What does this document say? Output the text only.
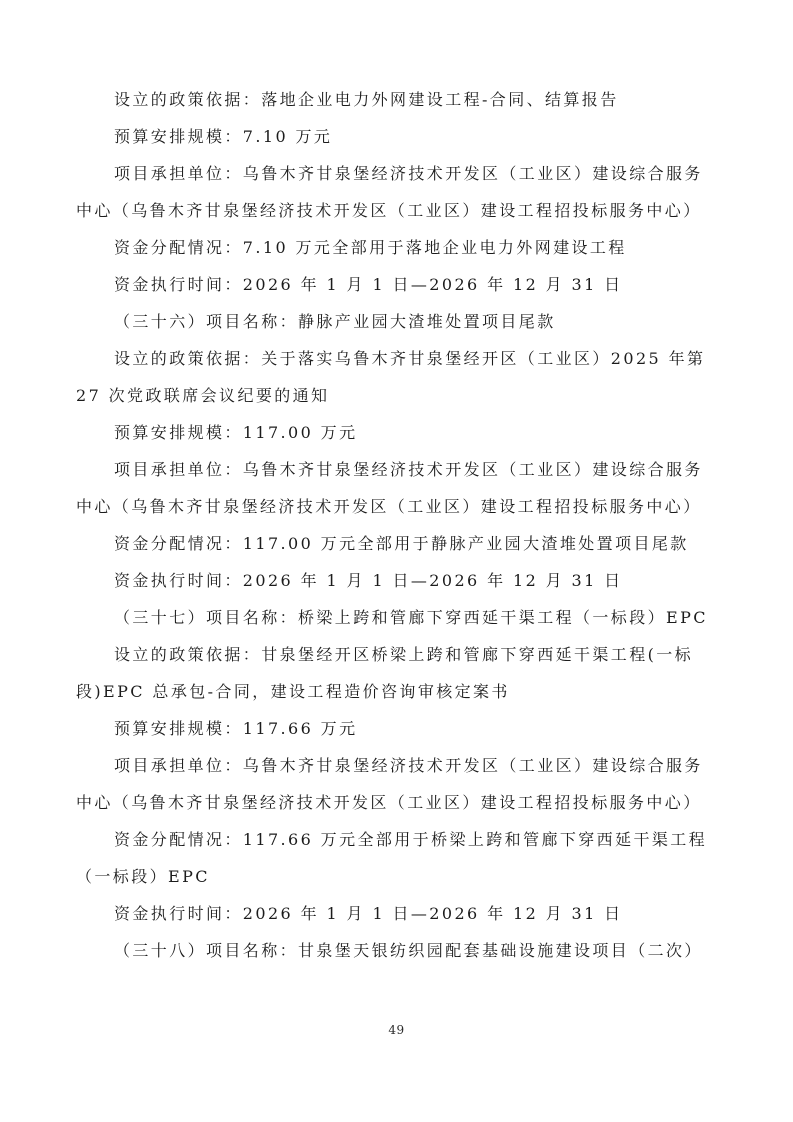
设立的政策依据：落地企业电力外网建设工程-合同、结算报告
预算安排规模：7.10 万元
项目承担单位：乌鲁木齐甘泉堡经济技术开发区（工业区）建设综合服务
中心（乌鲁木齐甘泉堡经济技术开发区（工业区）建设工程招投标服务中心）
资金分配情况：7.10 万元全部用于落地企业电力外网建设工程
资金执行时间：2026 年 1 月 1 日—2026 年 12 月 31 日
（三十六）项目名称：静脉产业园大渣堆处置项目尾款
设立的政策依据：关于落实乌鲁木齐甘泉堡经开区（工业区）2025 年第
27 次党政联席会议纪要的通知
预算安排规模：117.00 万元
项目承担单位：乌鲁木齐甘泉堡经济技术开发区（工业区）建设综合服务
中心（乌鲁木齐甘泉堡经济技术开发区（工业区）建设工程招投标服务中心）
资金分配情况：117.00 万元全部用于静脉产业园大渣堆处置项目尾款
资金执行时间：2026 年 1 月 1 日—2026 年 12 月 31 日
（三十七）项目名称：桥梁上跨和管廊下穿西延干渠工程（一标段）EPC
设立的政策依据：甘泉堡经开区桥梁上跨和管廊下穿西延干渠工程(一标
段)EPC 总承包-合同，建设工程造价咨询审核定案书
预算安排规模：117.66 万元
项目承担单位：乌鲁木齐甘泉堡经济技术开发区（工业区）建设综合服务
中心（乌鲁木齐甘泉堡经济技术开发区（工业区）建设工程招投标服务中心）
资金分配情况：117.66 万元全部用于桥梁上跨和管廊下穿西延干渠工程
（一标段）EPC
资金执行时间：2026 年 1 月 1 日—2026 年 12 月 31 日
（三十八）项目名称：甘泉堡天银纺织园配套基础设施建设项目（二次）
49
